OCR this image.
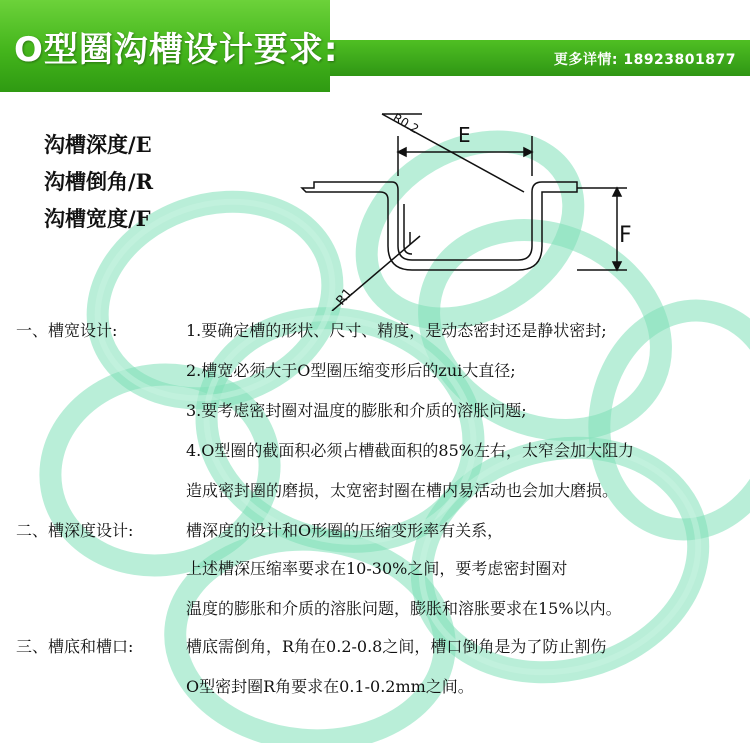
O型圈沟槽设计要求:	更多详情: 18923801877
沟槽深度/E
沟槽倒角/R
沟槽宽度/F
R0.2 E
F
R1
一、槽宽设计:	1.要确定槽的形状、尺寸、精度，是动态密封还是静状密封;
2.槽宽必须大于O型圈压缩变形后的zui大直径;
3.要考虑密封圈对温度的膨胀和介质的溶胀问题;
4.O型圈的截面积必须占槽截面积的85%左右，太窄会加大阻力
造成密封圈的磨损，太宽密封圈在槽内易活动也会加大磨损。
二、槽深度设计:	槽深度的设计和O形圈的压缩变形率有关系，
上述槽深压缩率要求在10-30%之间，要考虑密封圈对
温度的膨胀和介质的溶胀问题，膨胀和溶胀要求在15%以内。
三、槽底和槽口:	槽底需倒角，R角在0.2-0.8之间，槽口倒角是为了防止割伤
O型密封圈R角要求在0.1-0.2mm之间。
